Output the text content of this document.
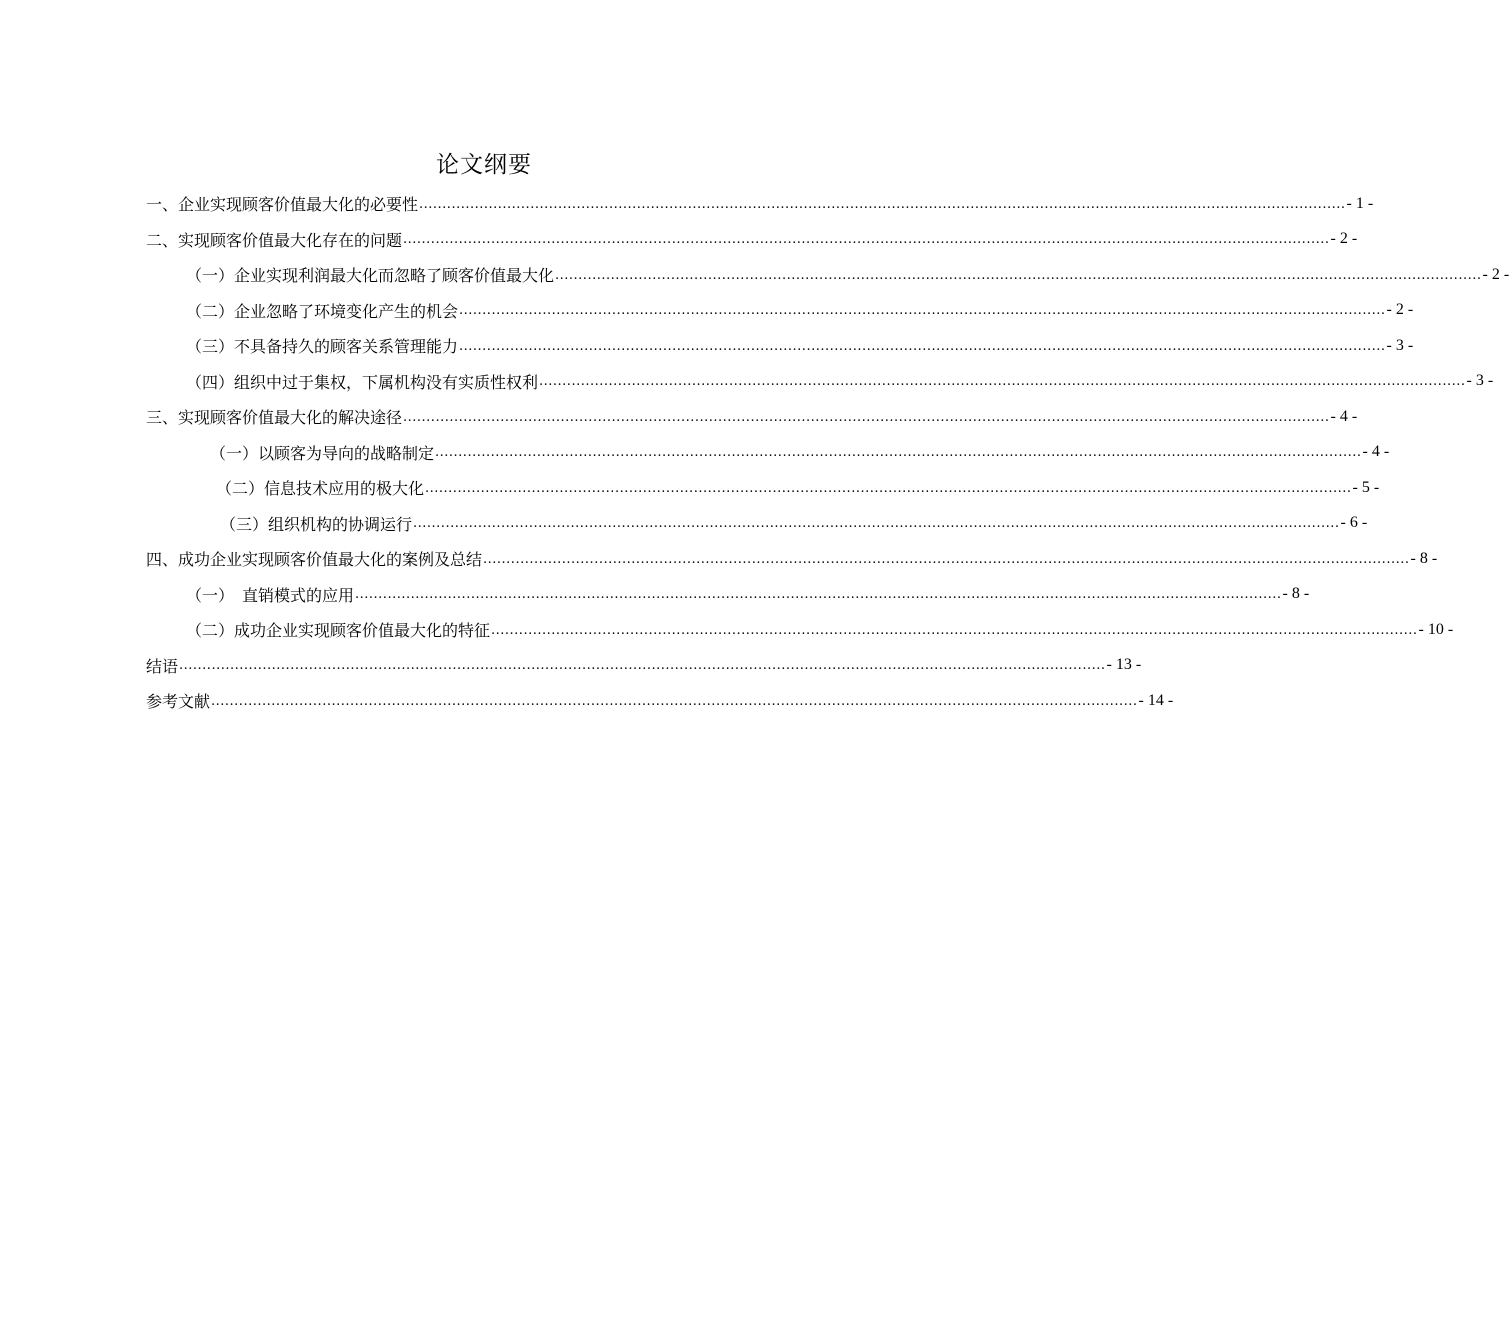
论文纲要
一、企业实现顾客价值最大化的必要性 ........................................................................................................................................................................................................ - 1 -
二、实现顾客价值最大化存在的问题 ........................................................................................................................................................................................................ - 2 -
（一）企业实现利润最大化而忽略了顾客价值最大化 ........................................................................................................................................................................................................ - 2 -
（二）企业忽略了环境变化产生的机会 ........................................................................................................................................................................................................ - 2 -
（三）不具备持久的顾客关系管理能力 ........................................................................................................................................................................................................ - 3 -
（四）组织中过于集权，下属机构没有实质性权利 ........................................................................................................................................................................................................ - 3 -
三、实现顾客价值最大化的解决途径 ........................................................................................................................................................................................................ - 4 -
（一）以顾客为导向的战略制定 ........................................................................................................................................................................................................ - 4 -
（二）信息技术应用的极大化 ........................................................................................................................................................................................................ - 5 -
（三）组织机构的协调运行 ........................................................................................................................................................................................................ - 6 -
四、成功企业实现顾客价值最大化的案例及总结 ........................................................................................................................................................................................................ - 8 -
（一）　直销模式的应用 ........................................................................................................................................................................................................ - 8 -
（二）成功企业实现顾客价值最大化的特征 ........................................................................................................................................................................................................ - 10 -
结语 ........................................................................................................................................................................................................ - 13 -
参考文献 ........................................................................................................................................................................................................ - 14 -
